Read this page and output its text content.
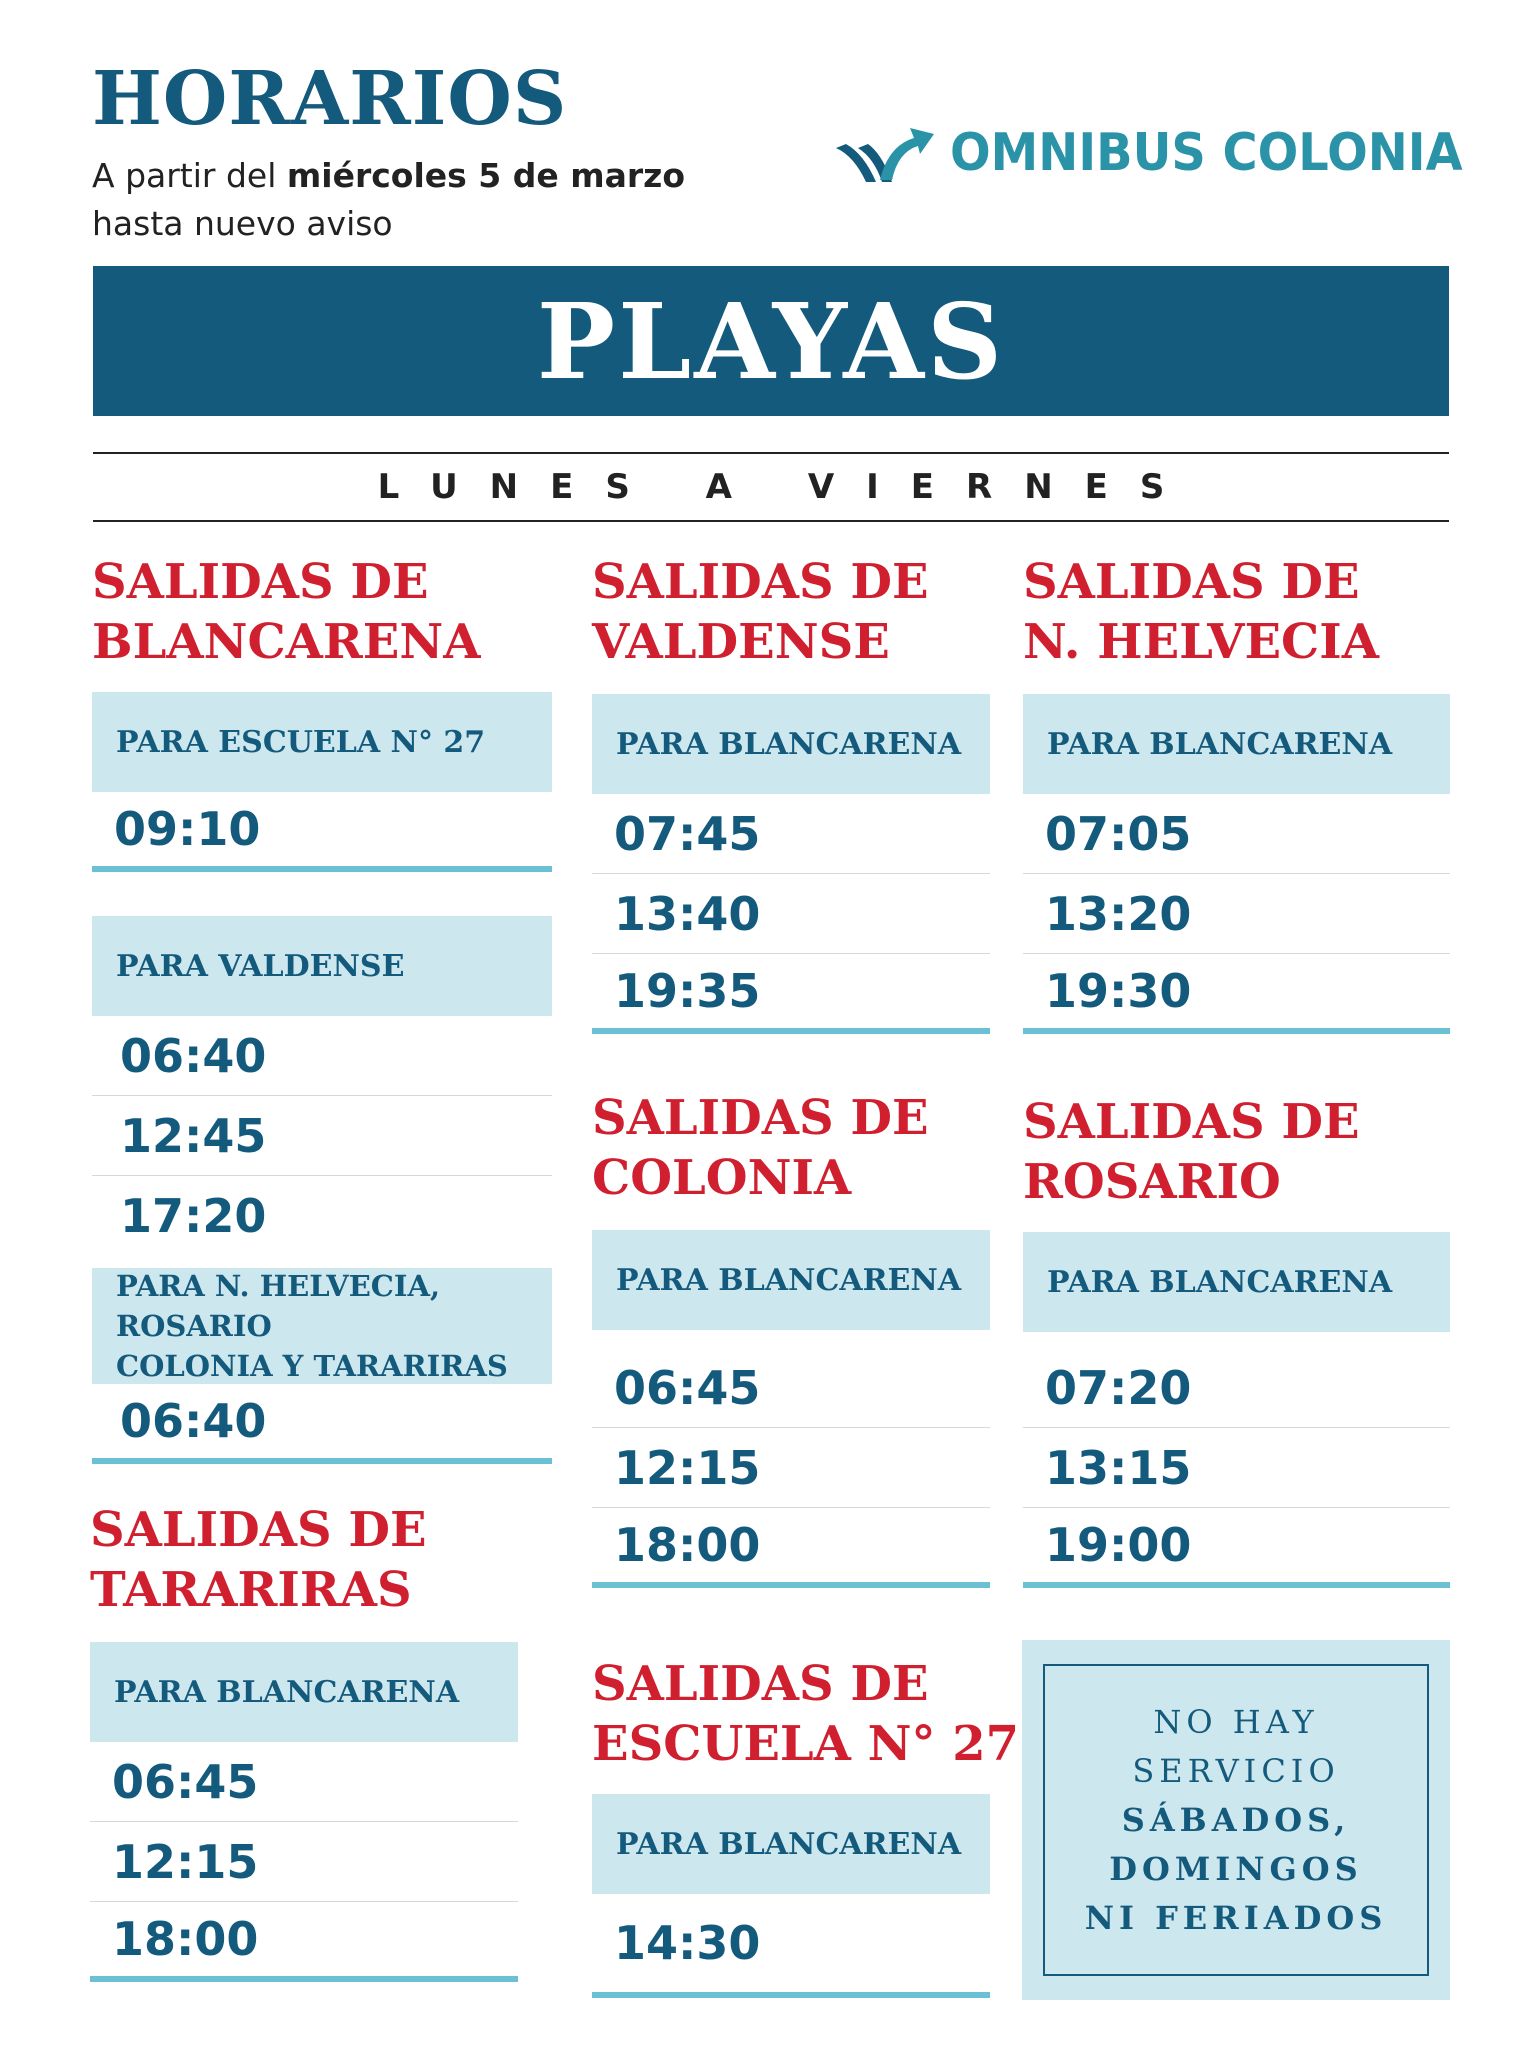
HORARIOS
A partir del miércoles 5 de marzo
hasta nuevo aviso
OMNIBUS COLONIA
PLAYAS
LUNES A VIERNES
SALIDAS DE
BLANCARENA
PARA ESCUELA N° 27
09:10
PARA VALDENSE
06:40
12:45
17:20
PARA N. HELVECIA, ROSARIO
COLONIA Y TARARIRAS
06:40
SALIDAS DE
TARARIRAS
PARA BLANCARENA
06:45
12:15
18:00
SALIDAS DE
VALDENSE
PARA BLANCARENA
07:45
13:40
19:35
SALIDAS DE
COLONIA
PARA BLANCARENA
06:45
12:15
18:00
SALIDAS DE
ESCUELA N° 27
PARA BLANCARENA
14:30
SALIDAS DE
N. HELVECIA
PARA BLANCARENA
07:05
13:20
19:30
SALIDAS DE
ROSARIO
PARA BLANCARENA
07:20
13:15
19:00
NO HAY
SERVICIO
SÁBADOS,
DOMINGOS
NI FERIADOS
